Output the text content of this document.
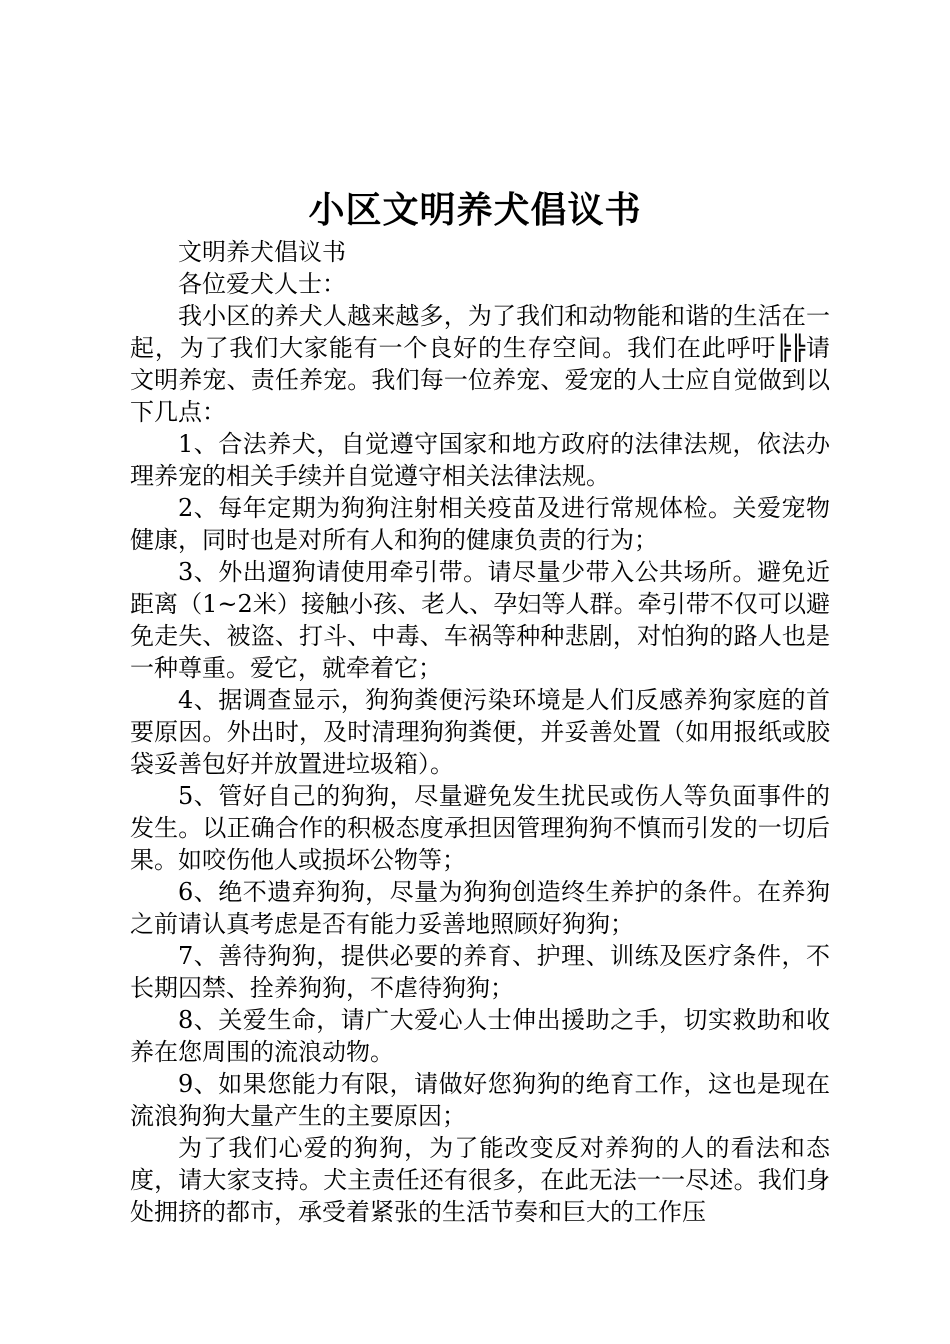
小区文明养犬倡议书

文明养犬倡议书

各位爱犬人士：

我小区的养犬人越来越多，为了我们和动物能和谐的生活在一起，为了我们大家能有一个良好的生存空间。我们在此呼吁╠╠请文明养宠、责任养宠。我们每一位养宠、爱宠的人士应自觉做到以下几点：

1、合法养犬，自觉遵守国家和地方政府的法律法规，依法办理养宠的相关手续并自觉遵守相关法律法规。

2、每年定期为狗狗注射相关疫苗及进行常规体检。关爱宠物健康，同时也是对所有人和狗的健康负责的行为；

3、外出遛狗请使用牵引带。请尽量少带入公共场所。避免近距离（1~2米）接触小孩、老人、孕妇等人群。牵引带不仅可以避免走失、被盗、打斗、中毒、车祸等种种悲剧，对怕狗的路人也是一种尊重。爱它，就牵着它；

4、据调查显示，狗狗粪便污染环境是人们反感养狗家庭的首要原因。外出时，及时清理狗狗粪便，并妥善处置（如用报纸或胶袋妥善包好并放置进垃圾箱）。

5、管好自己的狗狗，尽量避免发生扰民或伤人等负面事件的发生。以正确合作的积极态度承担因管理狗狗不慎而引发的一切后果。如咬伤他人或损坏公物等；

6、绝不遗弃狗狗，尽量为狗狗创造终生养护的条件。在养狗之前请认真考虑是否有能力妥善地照顾好狗狗；

7、善待狗狗，提供必要的养育、护理、训练及医疗条件，不长期囚禁、拴养狗狗，不虐待狗狗；

8、关爱生命，请广大爱心人士伸出援助之手，切实救助和收养在您周围的流浪动物。

9、如果您能力有限，请做好您狗狗的绝育工作，这也是现在流浪狗狗大量产生的主要原因；

为了我们心爱的狗狗，为了能改变反对养狗的人的看法和态度，请大家支持。犬主责任还有很多，在此无法一一尽述。我们身处拥挤的都市，承受着紧张的生活节奏和巨大的工作压
